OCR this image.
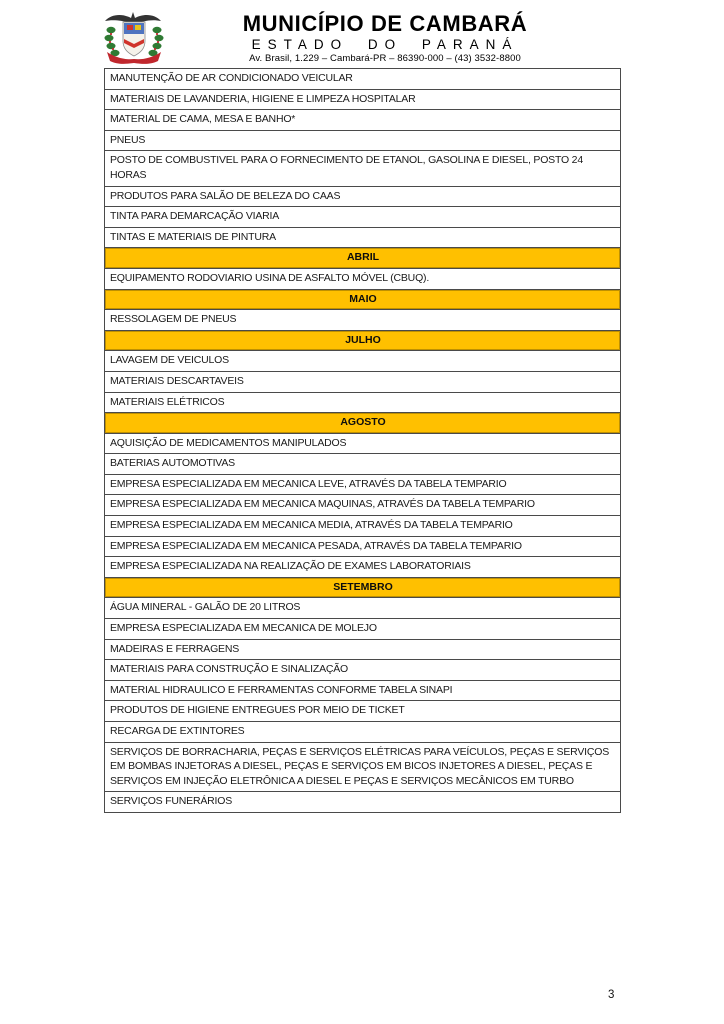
MUNICÍPIO DE CAMBARÁ
ESTADO DO PARANÁ
Av. Brasil, 1.229 – Cambará-PR – 86390-000 – (43) 3532-8800
MANUTENÇÃO DE AR CONDICIONADO VEICULAR
MATERIAIS DE LAVANDERIA, HIGIENE E LIMPEZA HOSPITALAR
MATERIAL DE CAMA, MESA E BANHO*
PNEUS
POSTO DE COMBUSTIVEL PARA O FORNECIMENTO DE ETANOL, GASOLINA E DIESEL, POSTO 24 HORAS
PRODUTOS PARA SALÃO DE BELEZA DO CAAS
TINTA PARA DEMARCAÇÃO VIARIA
TINTAS E MATERIAIS DE PINTURA
ABRIL
EQUIPAMENTO RODOVIARIO USINA DE ASFALTO MÓVEL (CBUQ).
MAIO
RESSOLAGEM DE PNEUS
JULHO
LAVAGEM DE VEICULOS
MATERIAIS DESCARTAVEIS
MATERIAIS ELÉTRICOS
AGOSTO
AQUISIÇÃO DE MEDICAMENTOS MANIPULADOS
BATERIAS AUTOMOTIVAS
EMPRESA ESPECIALIZADA EM MECANICA LEVE, ATRAVÉS DA TABELA TEMPARIO
EMPRESA ESPECIALIZADA EM MECANICA MAQUINAS, ATRAVÉS DA TABELA TEMPARIO
EMPRESA ESPECIALIZADA EM MECANICA MEDIA, ATRAVÉS DA TABELA TEMPARIO
EMPRESA ESPECIALIZADA EM MECANICA PESADA, ATRAVÉS DA TABELA TEMPARIO
EMPRESA ESPECIALIZADA NA REALIZAÇÃO DE EXAMES LABORATORIAIS
SETEMBRO
ÁGUA MINERAL - GALÃO DE 20 LITROS
EMPRESA ESPECIALIZADA EM MECANICA DE MOLEJO
MADEIRAS E FERRAGENS
MATERIAIS PARA CONSTRUÇÃO E SINALIZAÇÃO
MATERIAL HIDRAULICO E FERRAMENTAS CONFORME TABELA SINAPI
PRODUTOS DE HIGIENE ENTREGUES POR MEIO DE TICKET
RECARGA DE EXTINTORES
SERVIÇOS DE BORRACHARIA, PEÇAS E SERVIÇOS ELÉTRICAS PARA VEÍCULOS, PEÇAS E SERVIÇOS EM BOMBAS INJETORAS A DIESEL, PEÇAS E SERVIÇOS EM BICOS INJETORES A DIESEL, PEÇAS E SERVIÇOS EM INJEÇÃO ELETRÔNICA A DIESEL E PEÇAS E SERVIÇOS MECÂNICOS EM TURBO
SERVIÇOS FUNERÁRIOS
3
